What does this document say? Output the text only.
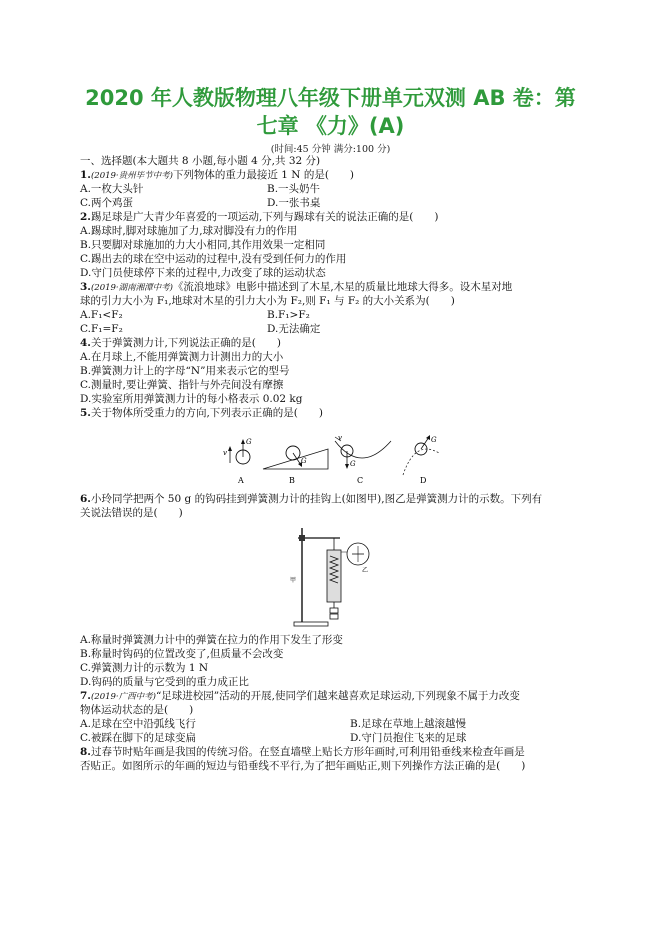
2020 年人教版物理八年级下册单元双测 AB 卷：第
七章 《力》(A)
(时间:45 分钟 满分:100 分)
一、选择题(本大题共 8 小题,每小题 4 分,共 32 分)
1.(2019·贵州毕节中考)下列物体的重力最接近 1 N 的是(　　)
A.一枚大头针	B.一头奶牛
C.两个鸡蛋	D.一张书桌
2.踢足球是广大青少年喜爱的一项运动,下列与踢球有关的说法正确的是(　　)
A.踢球时,脚对球施加了力,球对脚没有力的作用
B.只要脚对球施加的力大小相同,其作用效果一定相同
C.踢出去的球在空中运动的过程中,没有受到任何力的作用
D.守门员使球停下来的过程中,力改变了球的运动状态
3.(2019·湖南湘潭中考)《流浪地球》电影中描述到了木星,木星的质量比地球大得多。设木星对地
球的引力大小为 F₁,地球对木星的引力大小为 F₂,则 F₁ 与 F₂ 的大小关系为(　　)
A.F₁<F₂	B.F₁>F₂
C.F₁=F₂	D.无法确定
4.关于弹簧测力计,下列说法正确的是(　　)
A.在月球上,不能用弹簧测力计测出力的大小
B.弹簧测力计上的字母“N”用来表示它的型号
C.测量时,要让弹簧、指针与外壳间没有摩擦
D.实验室所用弹簧测力计的每小格表示 0.02 kg
5.关于物体所受重力的方向,下列表示正确的是(　　)
v
G
A
G
B
G
v
C
G
D
6.小玲同学把两个 50 g 的钩码挂到弹簧测力计的挂钩上(如图甲),图乙是弹簧测力计的示数。下列有
关说法错误的是(　　)
甲
乙
A.称量时弹簧测力计中的弹簧在拉力的作用下发生了形变
B.称量时钩码的位置改变了,但质量不会改变
C.弹簧测力计的示数为 1 N
D.钩码的质量与它受到的重力成正比
7.(2019·广西中考)“足球进校园”活动的开展,使同学们越来越喜欢足球运动,下列现象不属于力改变
物体运动状态的是(　　)
A.足球在空中沿弧线飞行	B.足球在草地上越滚越慢
C.被踩在脚下的足球变扁	D.守门员抱住飞来的足球
8.过春节时贴年画是我国的传统习俗。在竖直墙壁上贴长方形年画时,可利用铅垂线来检查年画是
否贴正。如图所示的年画的短边与铅垂线不平行,为了把年画贴正,则下列操作方法正确的是(　　)
